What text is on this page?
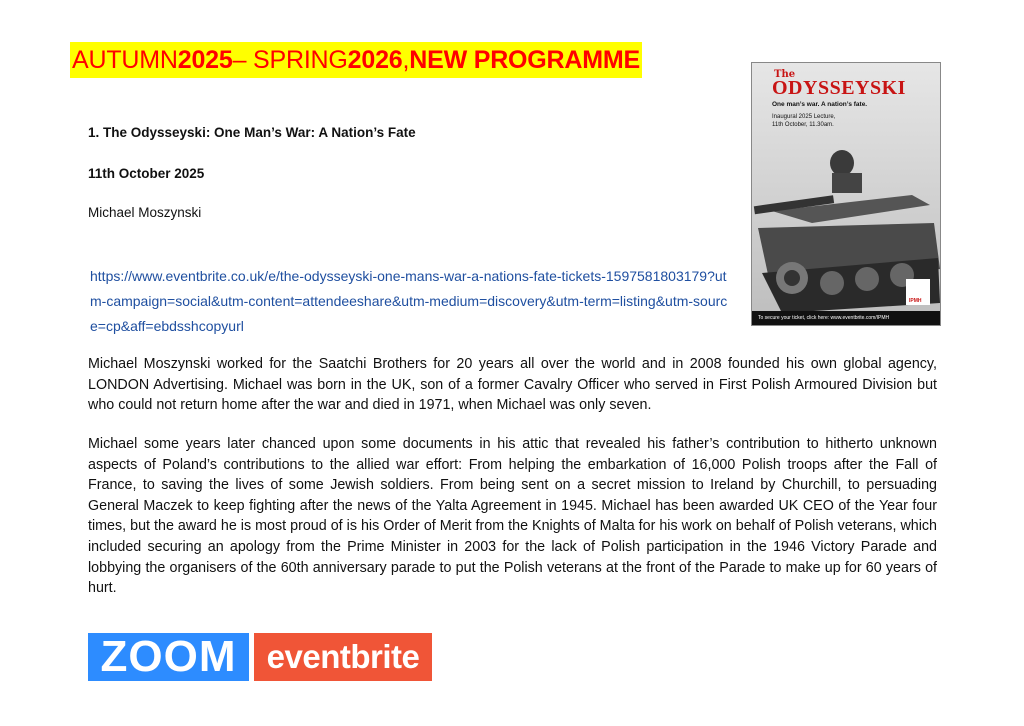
AUTUMN 2025 – SPRING 2026 , NEW PROGRAMME
1. The Odysseyski: One Man’s War: A Nation’s Fate
11th October 2025
Michael Moszynski
https://www.eventbrite.co.uk/e/the-odysseyski-one-mans-war-a-nations-fate-tickets-1597581803179?utm-campaign=social&utm-content=attendeeshare&utm-medium=discovery&utm-term=listing&utm-source=cp&aff=ebdsshcopyurl

Michael Moszynski worked for the Saatchi Brothers for 20 years all over the world and in 2008 founded his own global agency, LONDON Advertising. Michael was born in the UK, son of a former Cavalry Officer who served in First Polish Armoured Division but who could not return home after the war and died in 1971, when Michael was only seven.

Michael some years later chanced upon some documents in his attic that revealed his father’s contribution to hitherto unknown aspects of Poland’s contributions to the allied war effort: From helping the embarkation of 16,000 Polish troops after the Fall of France, to saving the lives of some Jewish soldiers. From being sent on a secret mission to Ireland by Churchill, to persuading General Maczek to keep fighting after the news of the Yalta Agreement in 1945. Michael has been awarded UK CEO of the Year four times, but the award he is most proud of is his Order of Merit from the Knights of Malta for his work on behalf of Polish veterans, which included securing an apology from the Prime Minister in 2003 for the lack of Polish participation in the 1946 Victory Parade and lobbying the organisers of the 60th anniversary parade to put the Polish veterans at the front of the Parade to make up for 60 years of hurt.

The
ODYSSEYSKI
One man’s war. A nation’s fate.
Inaugural 2025 Lecture,
11th October, 11.30am.
IPMH
To secure your ticket, click here: www.eventbrite.com/IPMH
ZOOM eventbrite
